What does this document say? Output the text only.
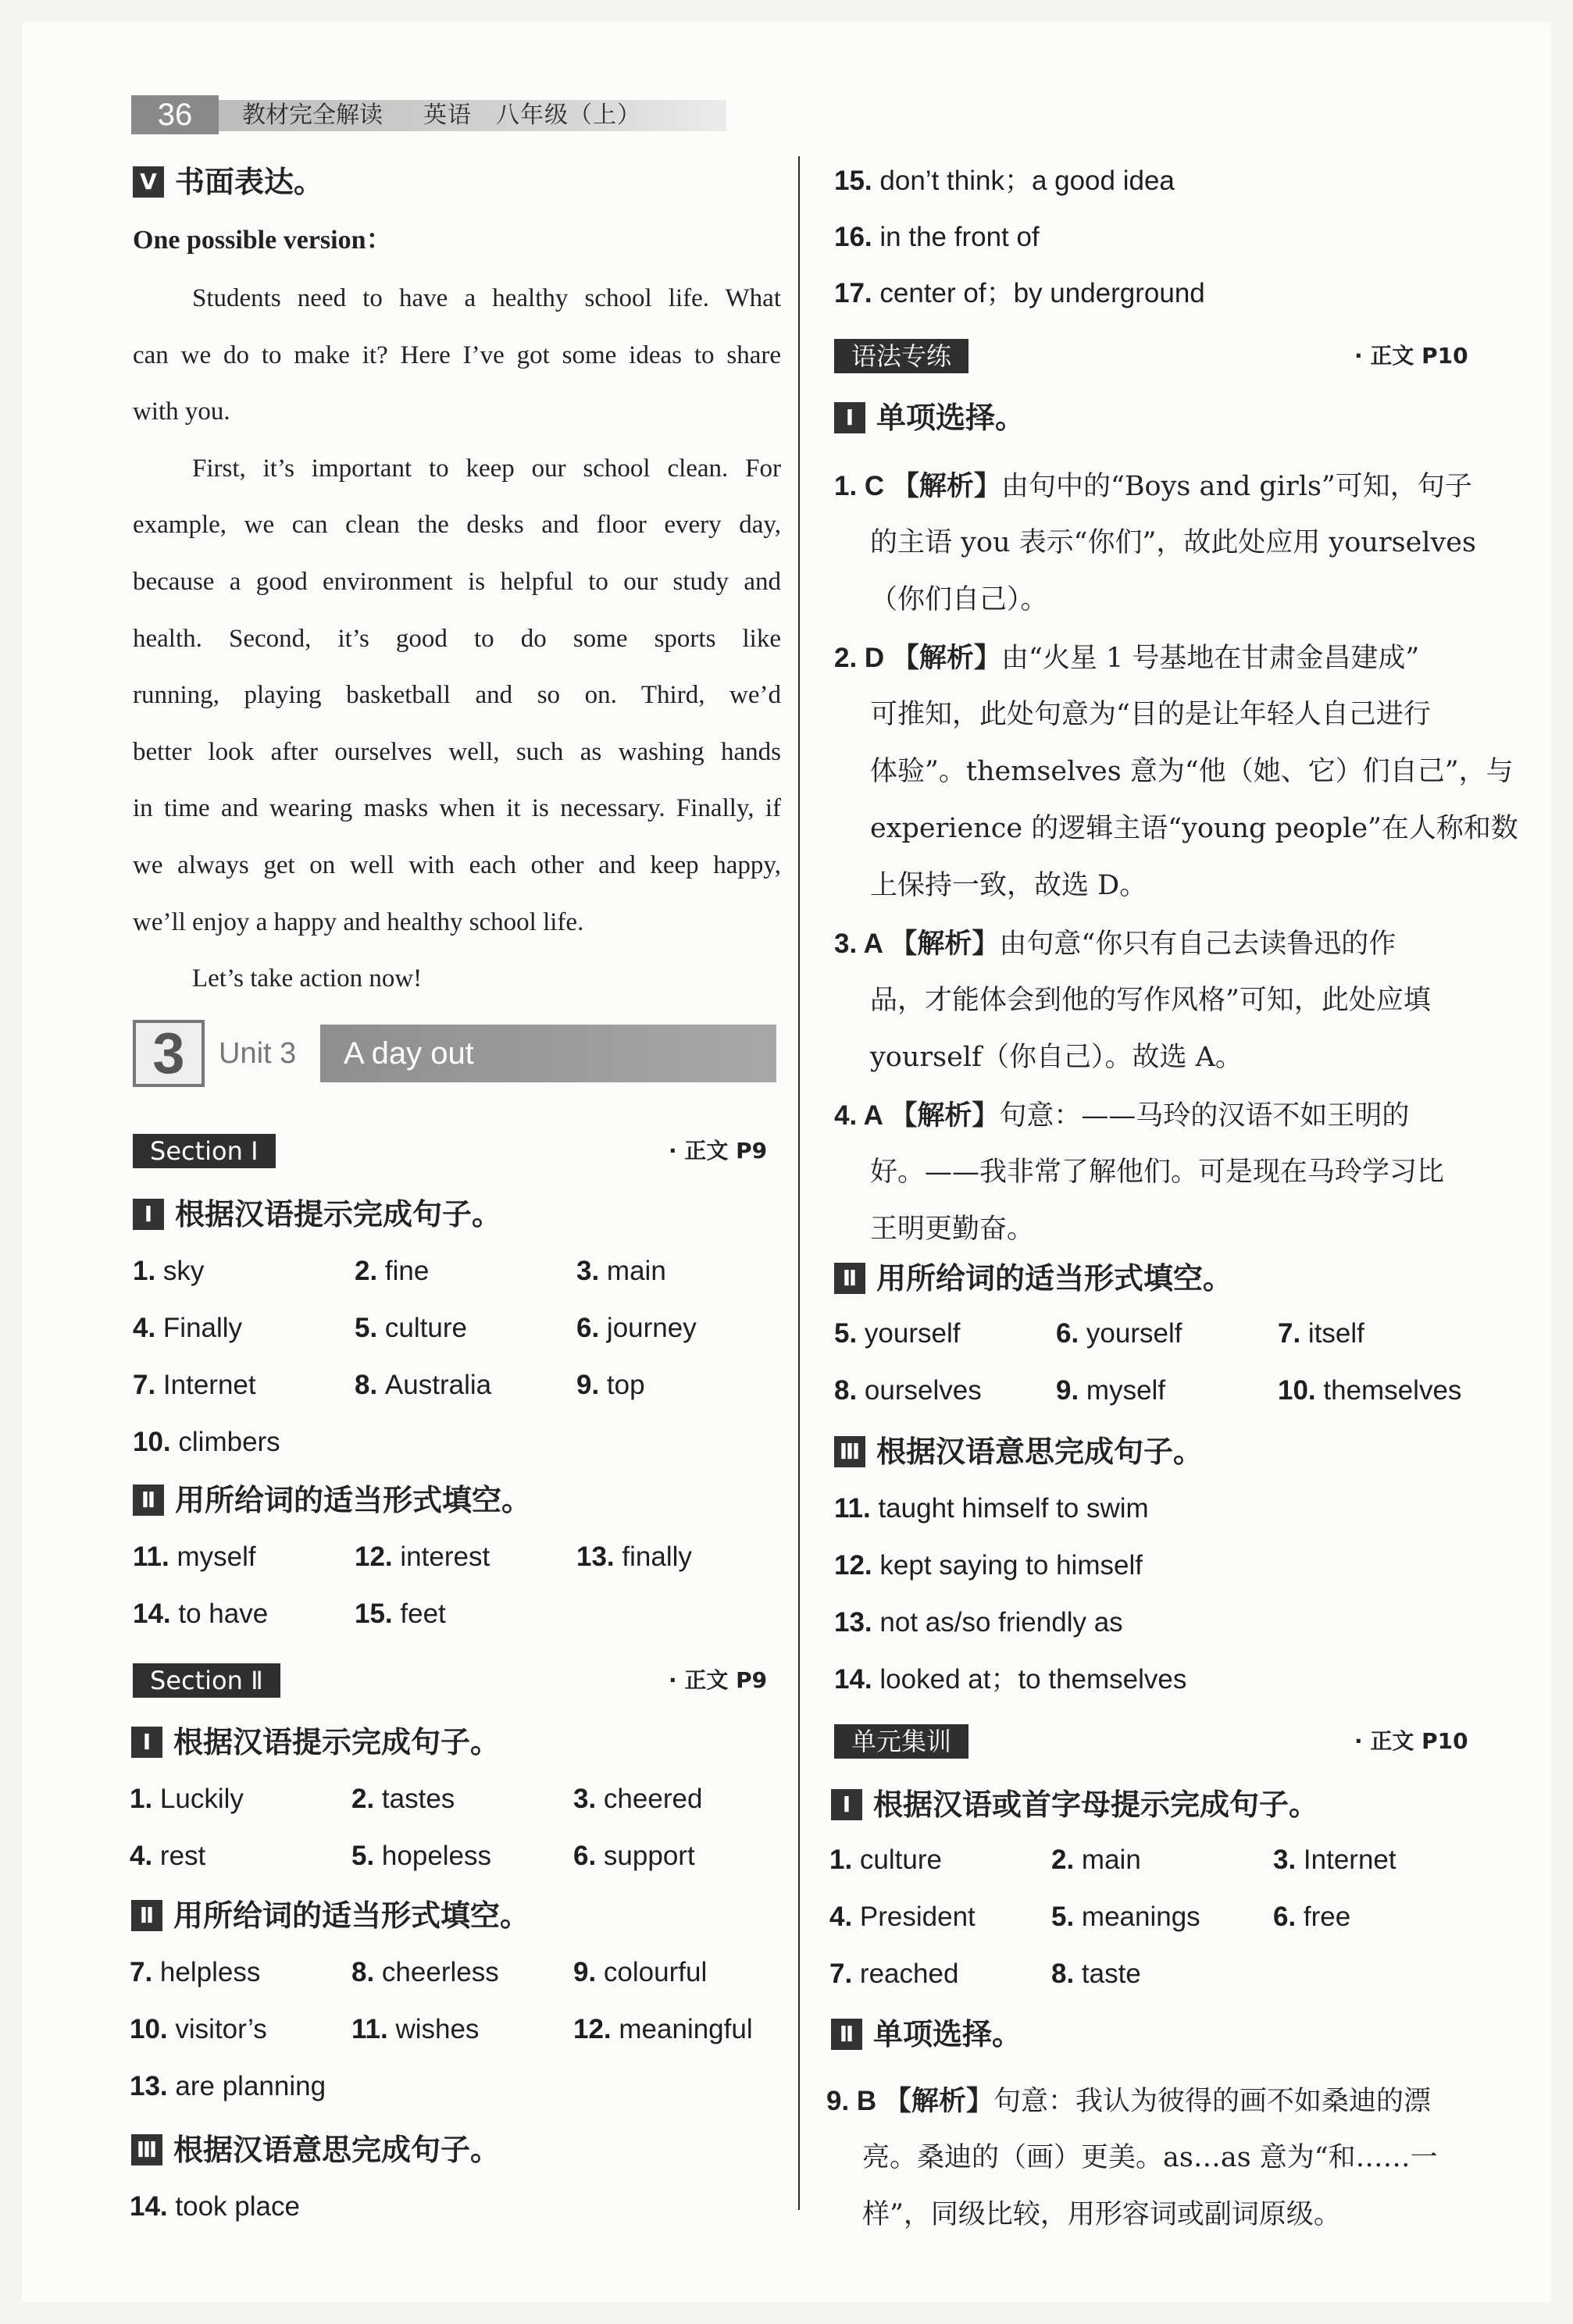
36	教材完全解读 英语　八年级（上）
Ⅴ 书面表达。
One possible version：
3	Unit 3	A day out
Students need to have a healthy school life. What
can we do to make it? Here I’ve got some ideas to share
with you.
First, it’s important to keep our school clean. For
example, we can clean the desks and floor every day,
because a good environment is helpful to our study and
health. Second, it’s good to do some sports like
running, playing basketball and so on. Third, we’d
better look after ourselves well, such as washing hands
in time and wearing masks when it is necessary. Finally, if
we always get on well with each other and keep happy,
we’ll enjoy a happy and healthy school life.
Let’s take action now!
Section Ⅰ	· 正文 P9
Ⅰ 根据汉语提示完成句子。
1. sky	2. fine	3. main
4. Finally	5. culture	6. journey
7. Internet	8. Australia	9. top
10. climbers
Ⅱ 用所给词的适当形式填空。
11. myself	12. interest	13. finally
14. to have	15. feet
Section Ⅱ	· 正文 P9
Ⅰ 根据汉语提示完成句子。
1. Luckily	2. tastes	3. cheered
4. rest	5. hopeless	6. support
Ⅱ 用所给词的适当形式填空。
7. helpless	8. cheerless	9. colourful
10. visitor’s	11. wishes	12. meaningful
13. are planning
Ⅲ 根据汉语意思完成句子。
14. took place
15. don’t think；a good idea
16. in the front of
17. center of；by underground
语法专练	· 正文 P10
Ⅰ 单项选择。
1. C 【解析】由句中的“Boys and girls”可知，句子
的主语 you 表示“你们”，故此处应用 yourselves
（你们自己）。
2. D 【解析】由“火星 1 号基地在甘肃金昌建成”
可推知，此处句意为“目的是让年轻人自己进行
体验”。themselves 意为“他（她、它）们自己”，与
experience 的逻辑主语“young people”在人称和数
上保持一致，故选 D。
3. A 【解析】由句意“你只有自己去读鲁迅的作
品，才能体会到他的写作风格”可知，此处应填
yourself（你自己）。故选 A。
4. A 【解析】句意：——马玲的汉语不如王明的
好。——我非常了解他们。可是现在马玲学习比
王明更勤奋。
Ⅱ 用所给词的适当形式填空。
5. yourself	6. yourself	7. itself
8. ourselves	9. myself	10. themselves
Ⅲ 根据汉语意思完成句子。
11. taught himself to swim
12. kept saying to himself
13. not as/so friendly as
14. looked at；to themselves
单元集训	· 正文 P10
Ⅰ 根据汉语或首字母提示完成句子。
1. culture	2. main	3. Internet
4. President	5. meanings	6. free
7. reached	8. taste
Ⅱ 单项选择。
9. B 【解析】句意：我认为彼得的画不如桑迪的漂
亮。桑迪的（画）更美。as…as 意为“和……一
样”，同级比较，用形容词或副词原级。
